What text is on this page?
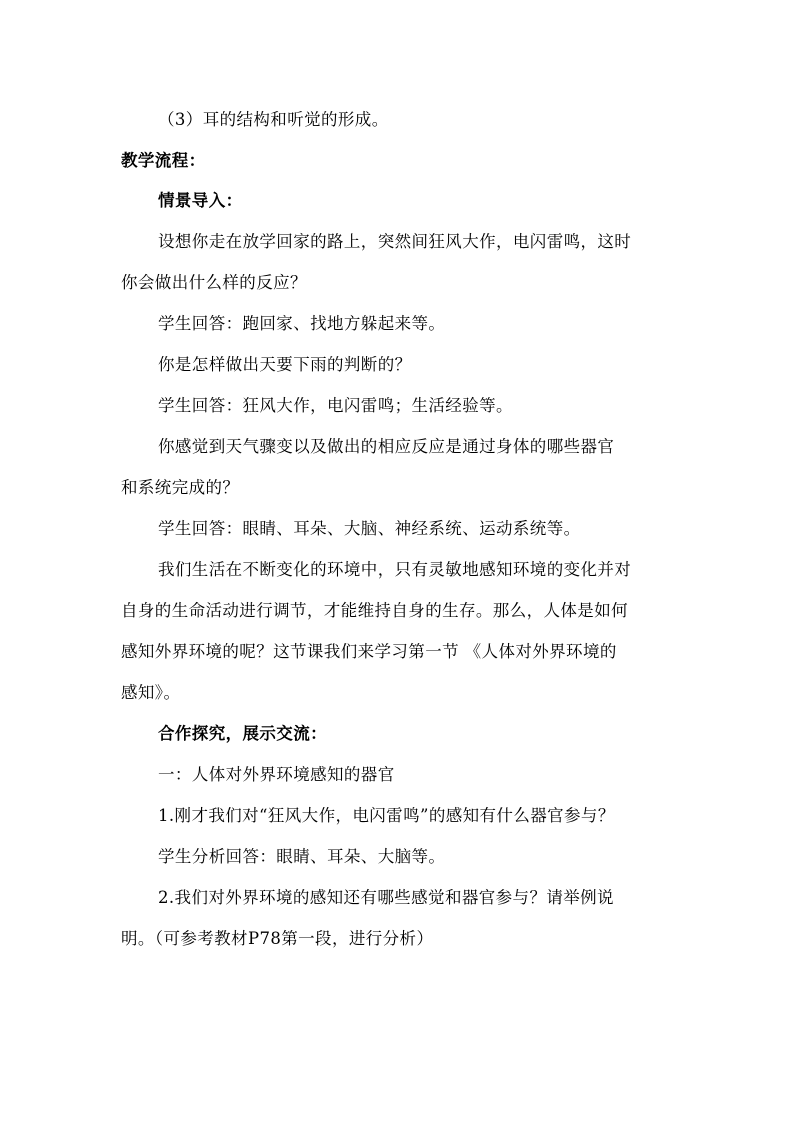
（3）耳的结构和听觉的形成。
教学流程：
情景导入：
设想你走在放学回家的路上，突然间狂风大作，电闪雷鸣，这时
你会做出什么样的反应？
学生回答：跑回家、找地方躲起来等。
你是怎样做出天要下雨的判断的？
学生回答：狂风大作，电闪雷鸣；生活经验等。
你感觉到天气骤变以及做出的相应反应是通过身体的哪些器官
和系统完成的？
学生回答：眼睛、耳朵、大脑、神经系统、运动系统等。
我们生活在不断变化的环境中，只有灵敏地感知环境的变化并对
自身的生命活动进行调节，才能维持自身的生存。那么，人体是如何
感知外界环境的呢？这节课我们来学习第一节 《人体对外界环境的
感知》。
合作探究，展示交流：
一：人体对外界环境感知的器官
1.刚才我们对“狂风大作，电闪雷鸣”的感知有什么器官参与？
学生分析回答：眼睛、耳朵、大脑等。
2.我们对外界环境的感知还有哪些感觉和器官参与？请举例说
明。（可参考教材P78第一段，进行分析）
